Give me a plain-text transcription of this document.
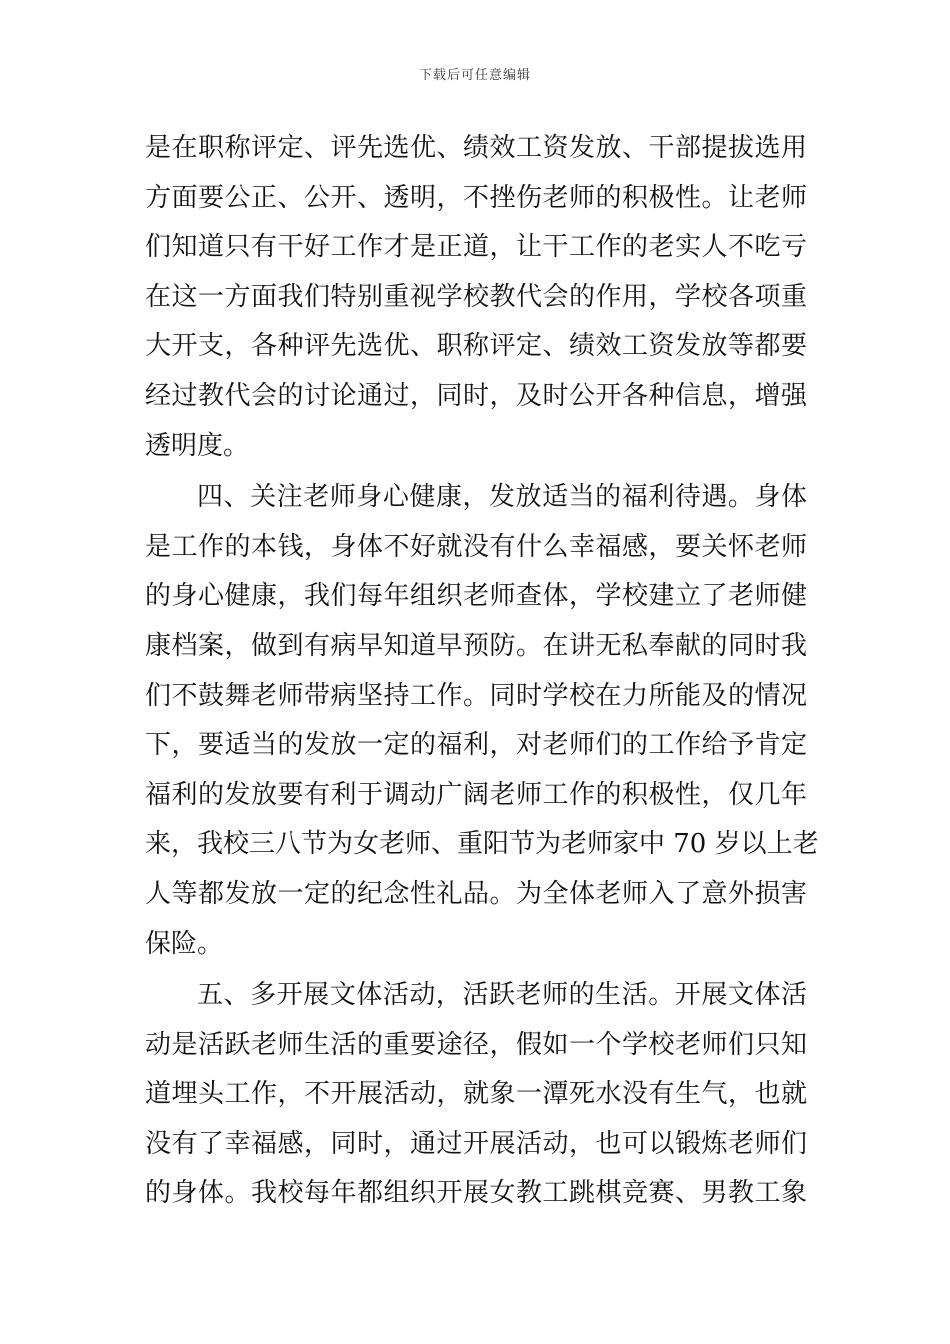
下载后可任意编辑
是在职称评定、评先选优、绩效工资发放、干部提拔选用
方面要公正、公开、透明，不挫伤老师的积极性。让老师
们知道只有干好工作才是正道，让干工作的老实人不吃亏
在这一方面我们特别重视学校教代会的作用，学校各项重
大开支，各种评先选优、职称评定、绩效工资发放等都要
经过教代会的讨论通过，同时，及时公开各种信息，增强
透明度。
四、关注老师身心健康，发放适当的福利待遇。身体
是工作的本钱，身体不好就没有什么幸福感，要关怀老师
的身心健康，我们每年组织老师查体，学校建立了老师健
康档案，做到有病早知道早预防。在讲无私奉献的同时我
们不鼓舞老师带病坚持工作。同时学校在力所能及的情况
下，要适当的发放一定的福利，对老师们的工作给予肯定
福利的发放要有利于调动广阔老师工作的积极性，仅几年
来，我校三八节为女老师、重阳节为老师家中 70 岁以上老
人等都发放一定的纪念性礼品。为全体老师入了意外损害
保险。
五、多开展文体活动，活跃老师的生活。开展文体活
动是活跃老师生活的重要途径，假如一个学校老师们只知
道埋头工作，不开展活动，就象一潭死水没有生气，也就
没有了幸福感，同时，通过开展活动，也可以锻炼老师们
的身体。我校每年都组织开展女教工跳棋竞赛、男教工象
